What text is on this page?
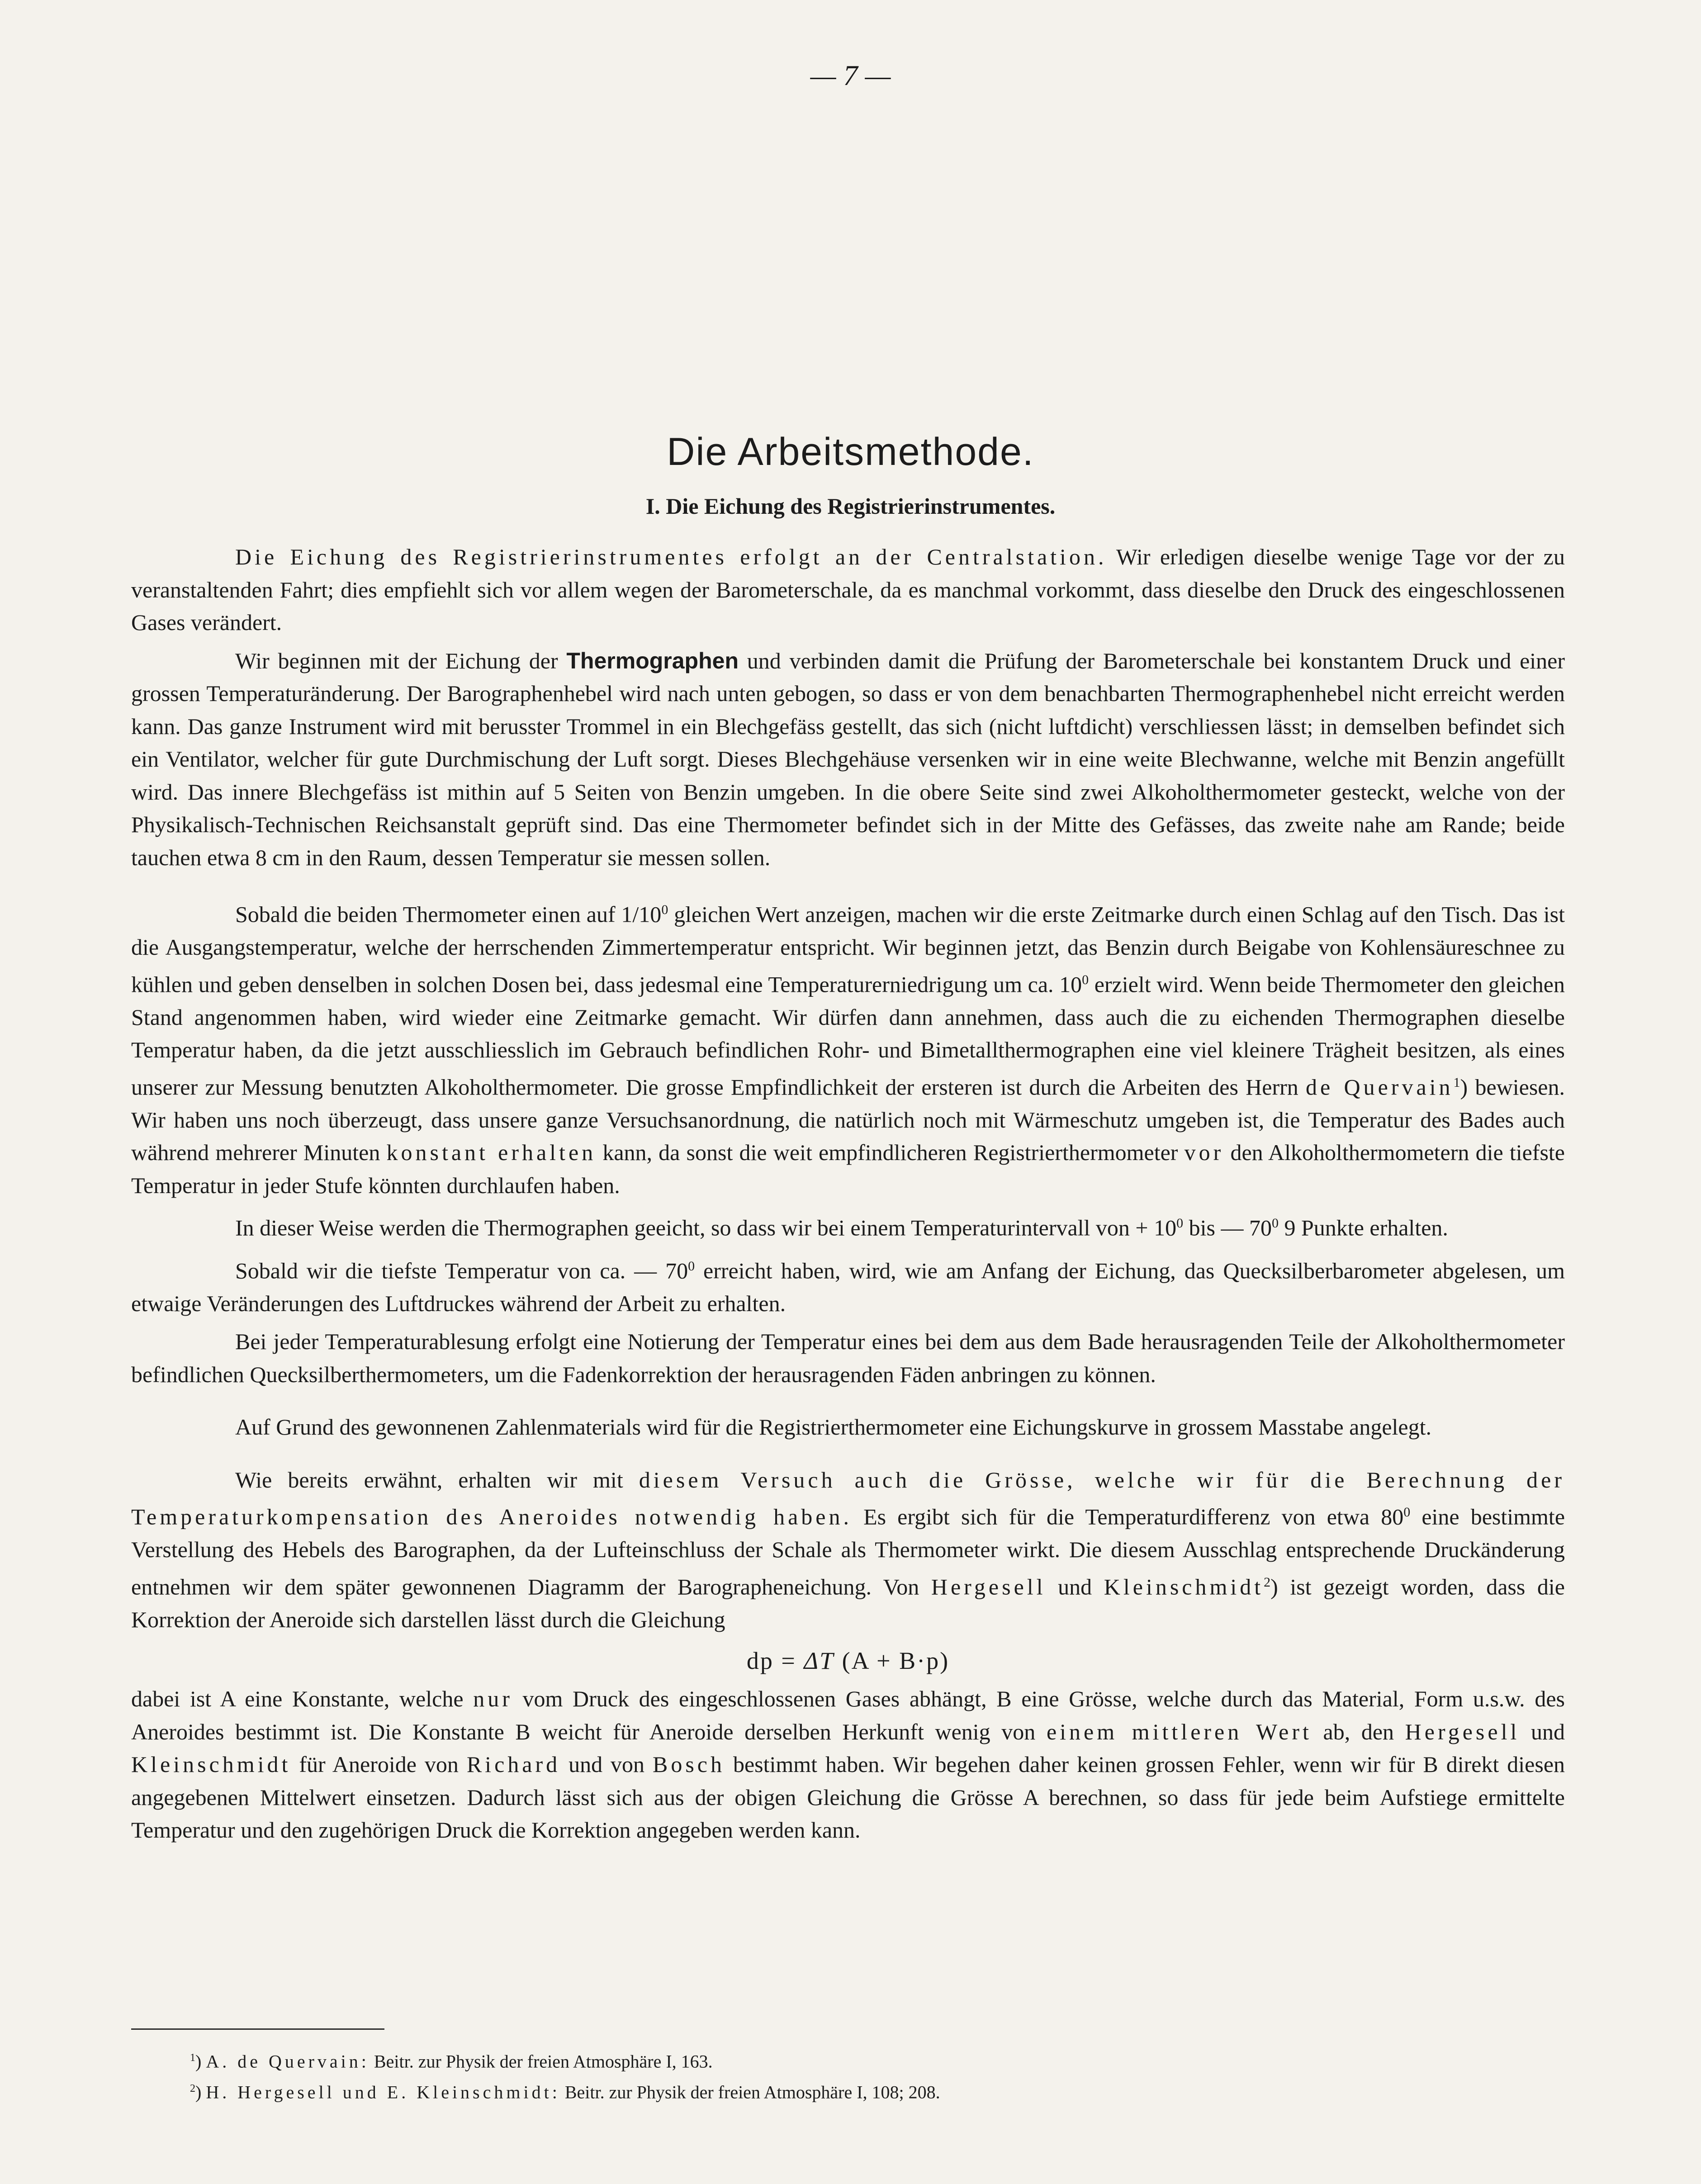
— 7 —
Die Arbeitsmethode.
I. Die Eichung des Registrierinstrumentes.

Die Eichung des Registrierinstrumentes erfolgt an der Centralstation. Wir erledigen dieselbe wenige Tage vor der zu veranstaltenden Fahrt; dies empfiehlt sich vor allem wegen der Barometerschale, da es manchmal vorkommt, dass dieselbe den Druck des eingeschlossenen Gases verändert.

Wir beginnen mit der Eichung der Thermographen und verbinden damit die Prüfung der Barometerschale bei konstantem Druck und einer grossen Temperaturänderung. Der Barographenhebel wird nach unten gebogen, so dass er von dem benachbarten Thermographenhebel nicht erreicht werden kann. Das ganze Instrument wird mit berusster Trommel in ein Blechgefäss gestellt, das sich (nicht luftdicht) verschliessen lässt; in demselben befindet sich ein Ventilator, welcher für gute Durchmischung der Luft sorgt. Dieses Blechgehäuse versenken wir in eine weite Blechwanne, welche mit Benzin angefüllt wird. Das innere Blechgefäss ist mithin auf 5 Seiten von Benzin umgeben. In die obere Seite sind zwei Alkoholthermometer gesteckt, welche von der Physikalisch-Technischen Reichsanstalt geprüft sind. Das eine Thermometer befindet sich in der Mitte des Gefässes, das zweite nahe am Rande; beide tauchen etwa 8 cm in den Raum, dessen Temperatur sie messen sollen.

Sobald die beiden Thermometer einen auf $1/10^0$ gleichen Wert anzeigen, machen wir die erste Zeitmarke durch einen Schlag auf den Tisch. Das ist die Ausgangstemperatur, welche der herrschenden Zimmertemperatur entspricht. Wir beginnen jetzt, das Benzin durch Beigabe von Kohlensäureschnee zu kühlen und geben denselben in solchen Dosen bei, dass jedesmal eine Temperaturerniedrigung um ca. $10^0$ erzielt wird. Wenn beide Thermometer den gleichen Stand angenommen haben, wird wieder eine Zeitmarke gemacht. Wir dürfen dann annehmen, dass auch die zu eichenden Thermographen dieselbe Temperatur haben, da die jetzt ausschliesslich im Gebrauch befindlichen Rohr- und Bimetallthermographen eine viel kleinere Trägheit besitzen, als eines unserer zur Messung benutzten Alkoholthermometer. Die grosse Empfindlichkeit der ersteren ist durch die Arbeiten des Herrn de Quervain$^1$) bewiesen. Wir haben uns noch überzeugt, dass unsere ganze Versuchsanordnung, die natürlich noch mit Wärmeschutz umgeben ist, die Temperatur des Bades auch während mehrerer Minuten konstant erhalten kann, da sonst die weit empfindlicheren Registrierthermometer vor den Alkoholthermometern die tiefste Temperatur in jeder Stufe könnten durchlaufen haben.

In dieser Weise werden die Thermographen geeicht, so dass wir bei einem Temperaturintervall von + $10^0$ bis — $70^0$ 9 Punkte erhalten.

Sobald wir die tiefste Temperatur von ca. — $70^0$ erreicht haben, wird, wie am Anfang der Eichung, das Quecksilberbarometer abgelesen, um etwaige Veränderungen des Luftdruckes während der Arbeit zu erhalten.

Bei jeder Temperaturablesung erfolgt eine Notierung der Temperatur eines bei dem aus dem Bade herausragenden Teile der Alkoholthermometer befindlichen Quecksilberthermometers, um die Fadenkorrektion der herausragenden Fäden anbringen zu können.

Auf Grund des gewonnenen Zahlenmaterials wird für die Registrierthermometer eine Eichungskurve in grossem Masstabe angelegt.

Wie bereits erwähnt, erhalten wir mit diesem Versuch auch die Grösse, welche wir für die Berechnung der Temperaturkompensation des Aneroides notwendig haben. Es ergibt sich für die Temperaturdifferenz von etwa $80^0$ eine bestimmte Verstellung des Hebels des Barographen, da der Lufteinschluss der Schale als Thermometer wirkt. Die diesem Ausschlag entsprechende Druckänderung entnehmen wir dem später gewonnenen Diagramm der Barographeneichung. Von Hergesell und Kleinschmidt$^2$) ist gezeigt worden, dass die Korrektion der Aneroide sich darstellen lässt durch die Gleichung

dp = ΔT (A + B·p)

dabei ist A eine Konstante, welche nur vom Druck des eingeschlossenen Gases abhängt, B eine Grösse, welche durch das Material, Form u.s.w. des Aneroides bestimmt ist. Die Konstante B weicht für Aneroide derselben Herkunft wenig von einem mittleren Wert ab, den Hergesell und Kleinschmidt für Aneroide von Richard und von Bosch bestimmt haben. Wir begehen daher keinen grossen Fehler, wenn wir für B direkt diesen angegebenen Mittelwert einsetzen. Dadurch lässt sich aus der obigen Gleichung die Grösse A berechnen, so dass für jede beim Aufstiege ermittelte Temperatur und den zugehörigen Druck die Korrektion angegeben werden kann.

$^1$) A. de Quervain: Beitr. zur Physik der freien Atmosphäre I, 163.

$^2$) H. Hergesell und E. Kleinschmidt: Beitr. zur Physik der freien Atmosphäre I, 108; 208.
